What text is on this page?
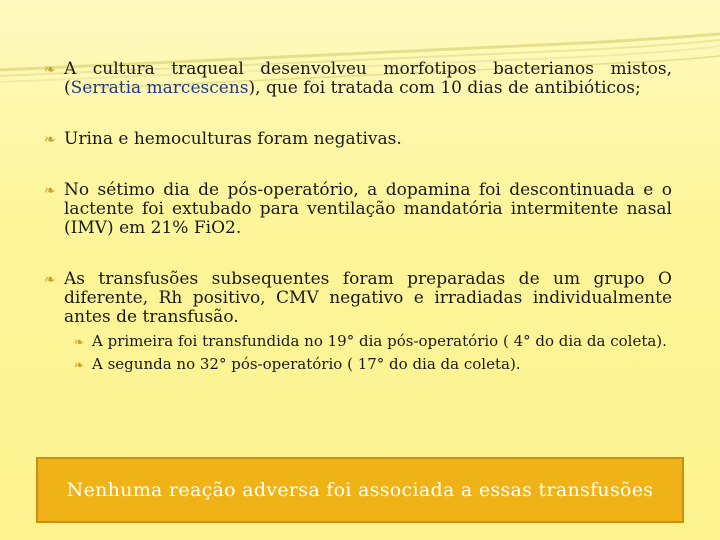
❧ A cultura traqueal desenvolveu morfotipos bacterianos mistos, (Serratia marcescens), que foi tratada com 10 dias de antibióticos;
❧ Urina e hemoculturas foram negativas.
❧ No sétimo dia de pós-operatório, a dopamina foi descontinuada e o lactente foi extubado para ventilação mandatória intermitente nasal (IMV) em 21% FiO2.
❧ As transfusões subsequentes foram preparadas de um grupo O diferente, Rh positivo, CMV negativo e irradiadas individualmente antes de transfusão.
❧ A primeira foi transfundida no 19° dia pós-operatório ( 4° do dia da coleta).
❧ A segunda no 32° pós-operatório ( 17° do dia da coleta).
Nenhuma reação adversa foi associada a essas transfusões
